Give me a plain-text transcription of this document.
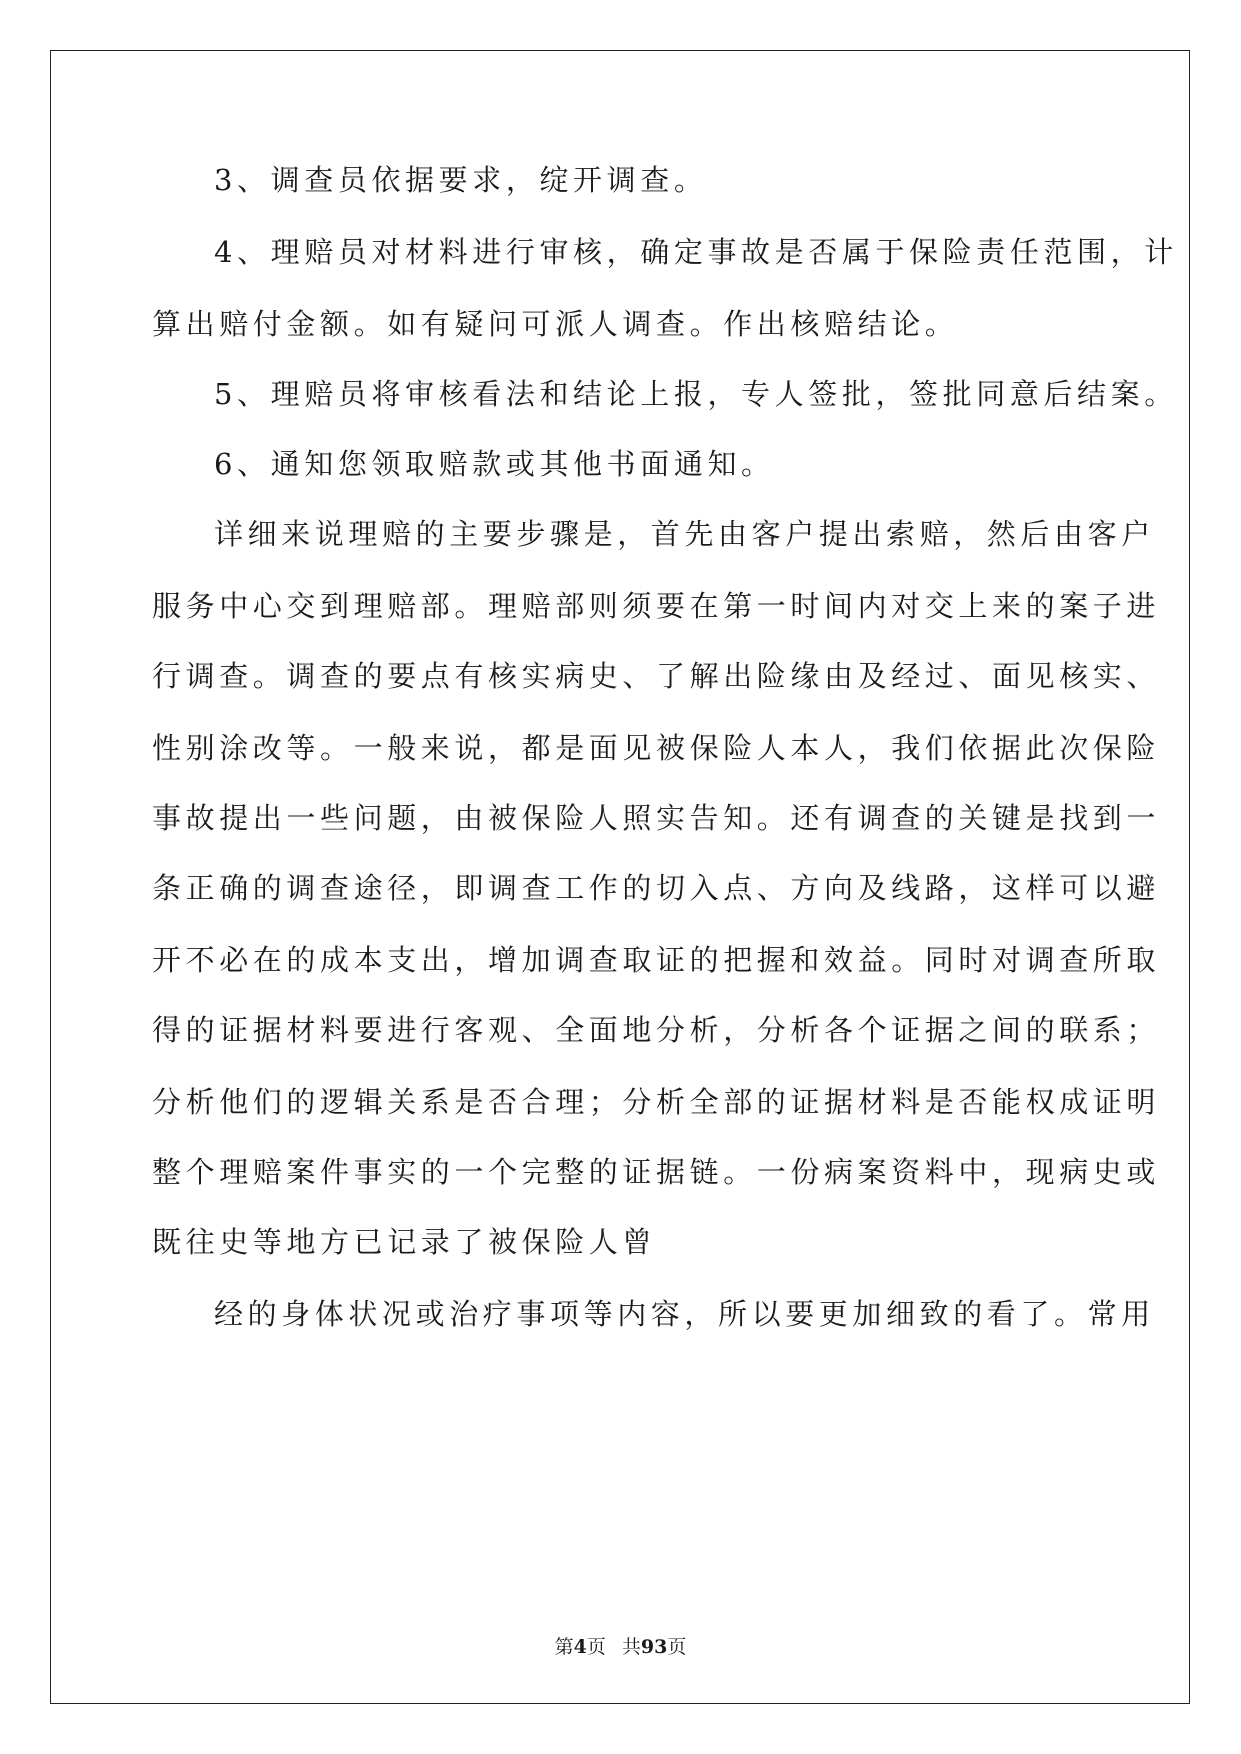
3、调查员依据要求，绽开调查。
4、理赔员对材料进行审核，确定事故是否属于保险责任范围，计
算出赔付金额。如有疑问可派人调查。作出核赔结论。
5、理赔员将审核看法和结论上报，专人签批，签批同意后结案。
6、通知您领取赔款或其他书面通知。
详细来说理赔的主要步骤是，首先由客户提出索赔，然后由客户
服务中心交到理赔部。理赔部则须要在第一时间内对交上来的案子进
行调查。调查的要点有核实病史、了解出险缘由及经过、面见核实、
性别涂改等。一般来说，都是面见被保险人本人，我们依据此次保险
事故提出一些问题，由被保险人照实告知。还有调查的关键是找到一
条正确的调查途径，即调查工作的切入点、方向及线路，这样可以避
开不必在的成本支出，增加调查取证的把握和效益。同时对调查所取
得的证据材料要进行客观、全面地分析，分析各个证据之间的联系；
分析他们的逻辑关系是否合理；分析全部的证据材料是否能权成证明
整个理赔案件事实的一个完整的证据链。一份病案资料中，现病史或
既往史等地方已记录了被保险人曾
经的身体状况或治疗事项等内容，所以要更加细致的看了。常用
第4页 共93页
